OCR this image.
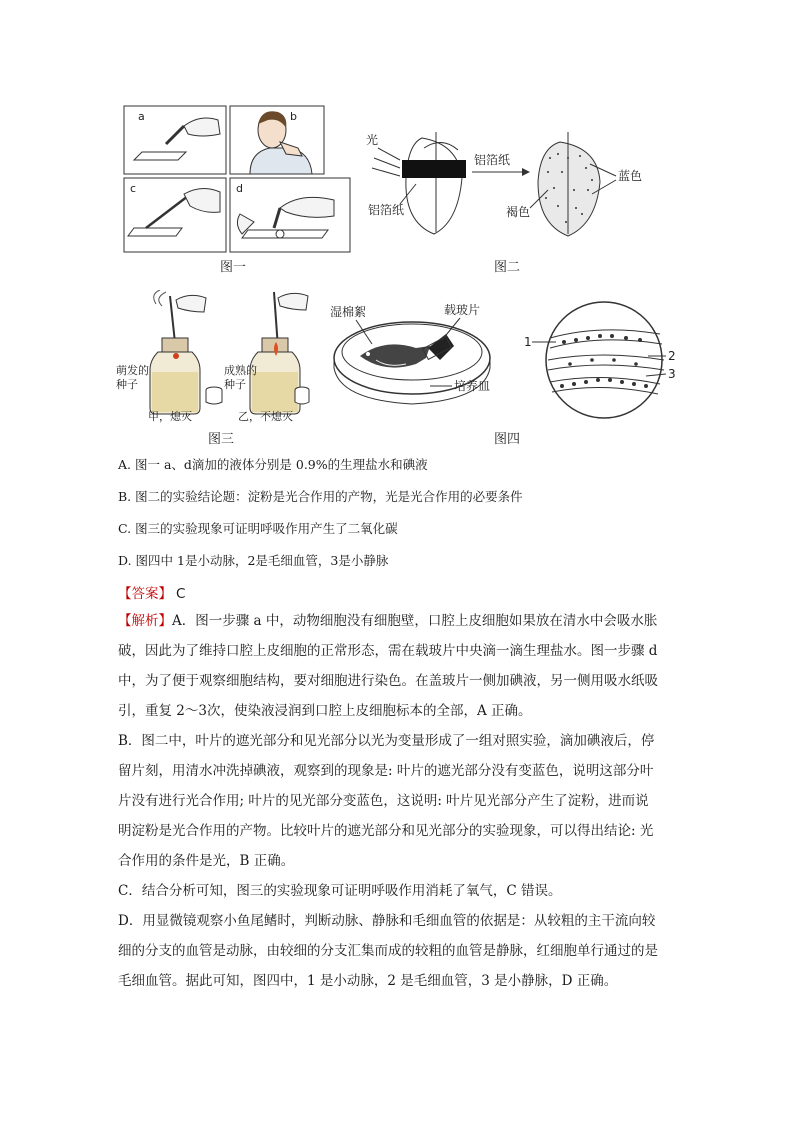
a	b
c	d
图一
光
铝箔纸
铝箔纸
褐色
蓝色
图二
萌发的
种子
成熟的
种子
甲，熄灭	乙，不熄灭
图三
湿棉絮	载玻片
培养皿
1
2
3
图四
A. 图一 a、d滴加的液体分别是 0.9%的生理盐水和碘液
B. 图二的实验结论题：淀粉是光合作用的产物，光是光合作用的必要条件
C. 图三的实验现象可证明呼吸作用产生了二氧化碳
D. 图四中 1是小动脉，2是毛细血管，3是小静脉
【答案】 C

【解析】A．图一步骤 a 中，动物细胞没有细胞壁，口腔上皮细胞如果放在清水中会吸水胀

破，因此为了维持口腔上皮细胞的正常形态，需在载玻片中央滴一滴生理盐水。图一步骤 d

中，为了便于观察细胞结构，要对细胞进行染色。在盖玻片一侧加碘液，另一侧用吸水纸吸

引，重复 2～3次，使染液浸润到口腔上皮细胞标本的全部，A 正确。

B．图二中，叶片的遮光部分和见光部分以光为变量形成了一组对照实验，滴加碘液后，停

留片刻，用清水冲洗掉碘液，观察到的现象是: 叶片的遮光部分没有变蓝色，说明这部分叶

片没有进行光合作用; 叶片的见光部分变蓝色，这说明: 叶片见光部分产生了淀粉，进而说

明淀粉是光合作用的产物。比较叶片的遮光部分和见光部分的实验现象，可以得出结论: 光

合作用的条件是光，B 正确。

C．结合分析可知，图三的实验现象可证明呼吸作用消耗了氧气，C 错误。

D．用显微镜观察小鱼尾鳍时，判断动脉、静脉和毛细血管的依据是：从较粗的主干流向较

细的分支的血管是动脉，由较细的分支汇集而成的较粗的血管是静脉，红细胞单行通过的是

毛细血管。据此可知，图四中，1 是小动脉，2 是毛细血管，3 是小静脉，D 正确。
